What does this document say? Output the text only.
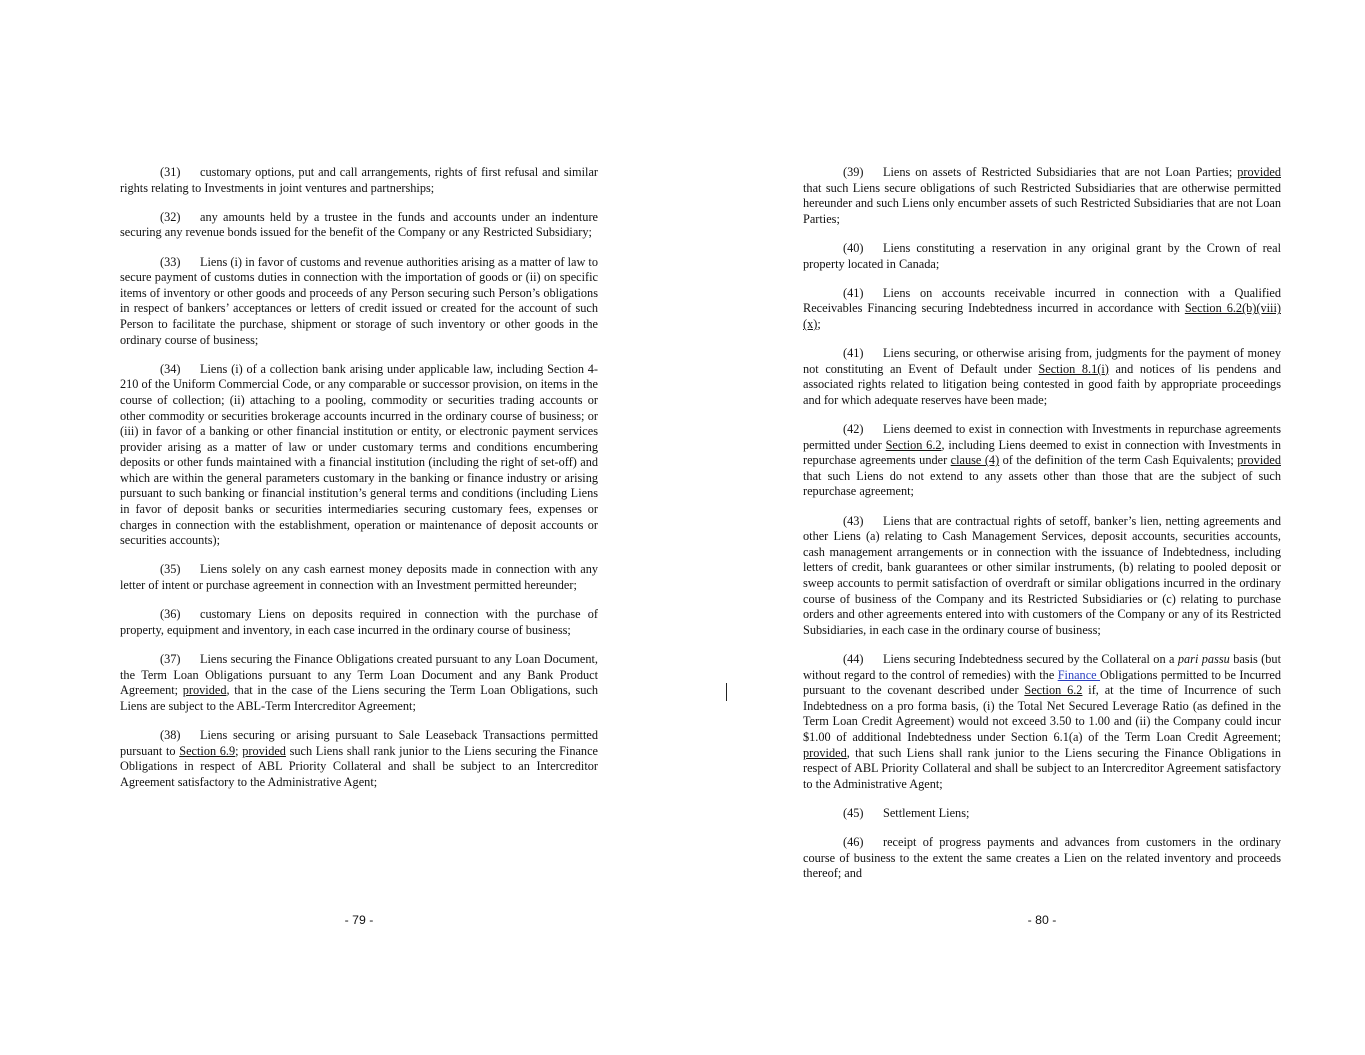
(31) customary options, put and call arrangements, rights of first refusal and similar rights relating to Investments in joint ventures and partnerships;

(32) any amounts held by a trustee in the funds and accounts under an indenture securing any revenue bonds issued for the benefit of the Company or any Restricted Subsidiary;

(33) Liens (i) in favor of customs and revenue authorities arising as a matter of law to secure payment of customs duties in connection with the importation of goods or (ii) on specific items of inventory or other goods and proceeds of any Person securing such Person’s obligations in respect of bankers’ acceptances or letters of credit issued or created for the account of such Person to facilitate the purchase, shipment or storage of such inventory or other goods in the ordinary course of business;

(34) Liens (i) of a collection bank arising under applicable law, including Section 4-210 of the Uniform Commercial Code, or any comparable or successor provision, on items in the course of collection; (ii) attaching to a pooling, commodity or securities trading accounts or other commodity or securities brokerage accounts incurred in the ordinary course of business; or (iii) in favor of a banking or other financial institution or entity, or electronic payment services provider arising as a matter of law or under customary terms and conditions encumbering deposits or other funds maintained with a financial institution (including the right of set-off) and which are within the general parameters customary in the banking or finance industry or arising pursuant to such banking or financial institution’s general terms and conditions (including Liens in favor of deposit banks or securities intermediaries securing customary fees, expenses or charges in connection with the establishment, operation or maintenance of deposit accounts or securities accounts);

(35) Liens solely on any cash earnest money deposits made in connection with any letter of intent or purchase agreement in connection with an Investment permitted hereunder;

(36) customary Liens on deposits required in connection with the purchase of property, equipment and inventory, in each case incurred in the ordinary course of business;

(37) Liens securing the Finance Obligations created pursuant to any Loan Document, the Term Loan Obligations pursuant to any Term Loan Document and any Bank Product Agreement; provided, that in the case of the Liens securing the Term Loan Obligations, such Liens are subject to the ABL-Term Intercreditor Agreement;

(38) Liens securing or arising pursuant to Sale Leaseback Transactions permitted pursuant to Section 6.9; provided such Liens shall rank junior to the Liens securing the Finance Obligations in respect of ABL Priority Collateral and shall be subject to an Intercreditor Agreement satisfactory to the Administrative Agent;

- 79 -

(39) Liens on assets of Restricted Subsidiaries that are not Loan Parties; provided that such Liens secure obligations of such Restricted Subsidiaries that are otherwise permitted hereunder and such Liens only encumber assets of such Restricted Subsidiaries that are not Loan Parties;

(40) Liens constituting a reservation in any original grant by the Crown of real property located in Canada;

(41) Liens on accounts receivable incurred in connection with a Qualified Receivables Financing securing Indebtedness incurred in accordance with Section 6.2(b)(viii)(x);

(41) Liens securing, or otherwise arising from, judgments for the payment of money not constituting an Event of Default under Section 8.1(i) and notices of lis pendens and associated rights related to litigation being contested in good faith by appropriate proceedings and for which adequate reserves have been made;

(42) Liens deemed to exist in connection with Investments in repurchase agreements permitted under Section 6.2, including Liens deemed to exist in connection with Investments in repurchase agreements under clause (4) of the definition of the term Cash Equivalents; provided that such Liens do not extend to any assets other than those that are the subject of such repurchase agreement;

(43) Liens that are contractual rights of setoff, banker’s lien, netting agreements and other Liens (a) relating to Cash Management Services, deposit accounts, securities accounts, cash management arrangements or in connection with the issuance of Indebtedness, including letters of credit, bank guarantees or other similar instruments, (b) relating to pooled deposit or sweep accounts to permit satisfaction of overdraft or similar obligations incurred in the ordinary course of business of the Company and its Restricted Subsidiaries or (c) relating to purchase orders and other agreements entered into with customers of the Company or any of its Restricted Subsidiaries, in each case in the ordinary course of business;

(44) Liens securing Indebtedness secured by the Collateral on a pari passu basis (but without regard to the control of remedies) with the Finance Obligations permitted to be Incurred pursuant to the covenant described under Section 6.2 if, at the time of Incurrence of such Indebtedness on a pro forma basis, (i) the Total Net Secured Leverage Ratio (as defined in the Term Loan Credit Agreement) would not exceed 3.50 to 1.00 and (ii) the Company could incur $1.00 of additional Indebtedness under Section 6.1(a) of the Term Loan Credit Agreement; provided, that such Liens shall rank junior to the Liens securing the Finance Obligations in respect of ABL Priority Collateral and shall be subject to an Intercreditor Agreement satisfactory to the Administrative Agent;

(45) Settlement Liens;

(46) receipt of progress payments and advances from customers in the ordinary course of business to the extent the same creates a Lien on the related inventory and proceeds thereof; and

- 80 -
